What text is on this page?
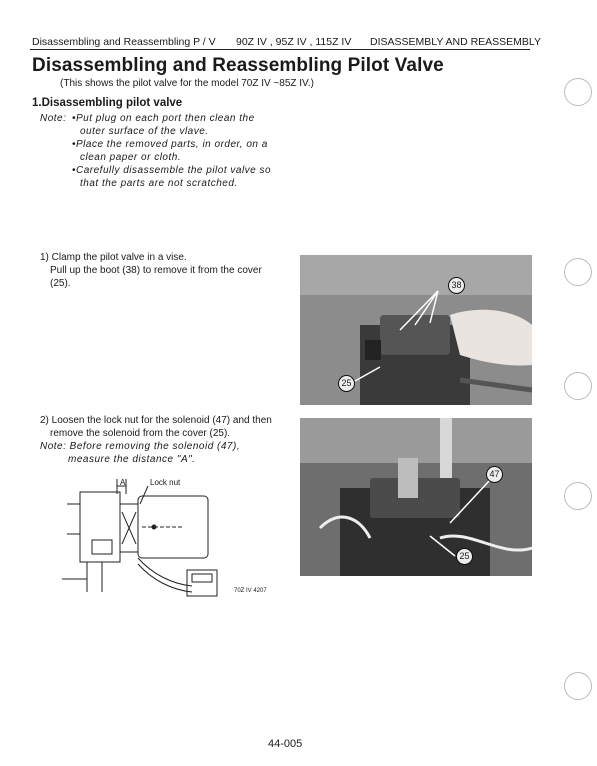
Disassembling and Reassembling P / V 90Z IV , 95Z IV , 115Z IV DISASSEMBLY AND REASSEMBLY
Disassembling and Reassembling Pilot Valve
(This shows the pilot valve for the model 70Z IV ~85Z IV.)
1.Disassembling pilot valve
Note: •Put plug on each port then clean the
outer surface of the vlave.
•Place the removed parts, in order, on a
clean paper or cloth.
•Carefully disassemble the pilot valve so
that the parts are not scratched.
1) Clamp the pilot valve in a vise.
Pull up the boot (38) to remove it from the cover
(25).	38
25
2) Loosen the lock nut for the solenoid (47) and then
remove the solenoid from the cover (25).
Note: Before removing the solenoid (47),
measure the distance "A".
47
25
A	Lock nut
70Z IV 4207
44-005
